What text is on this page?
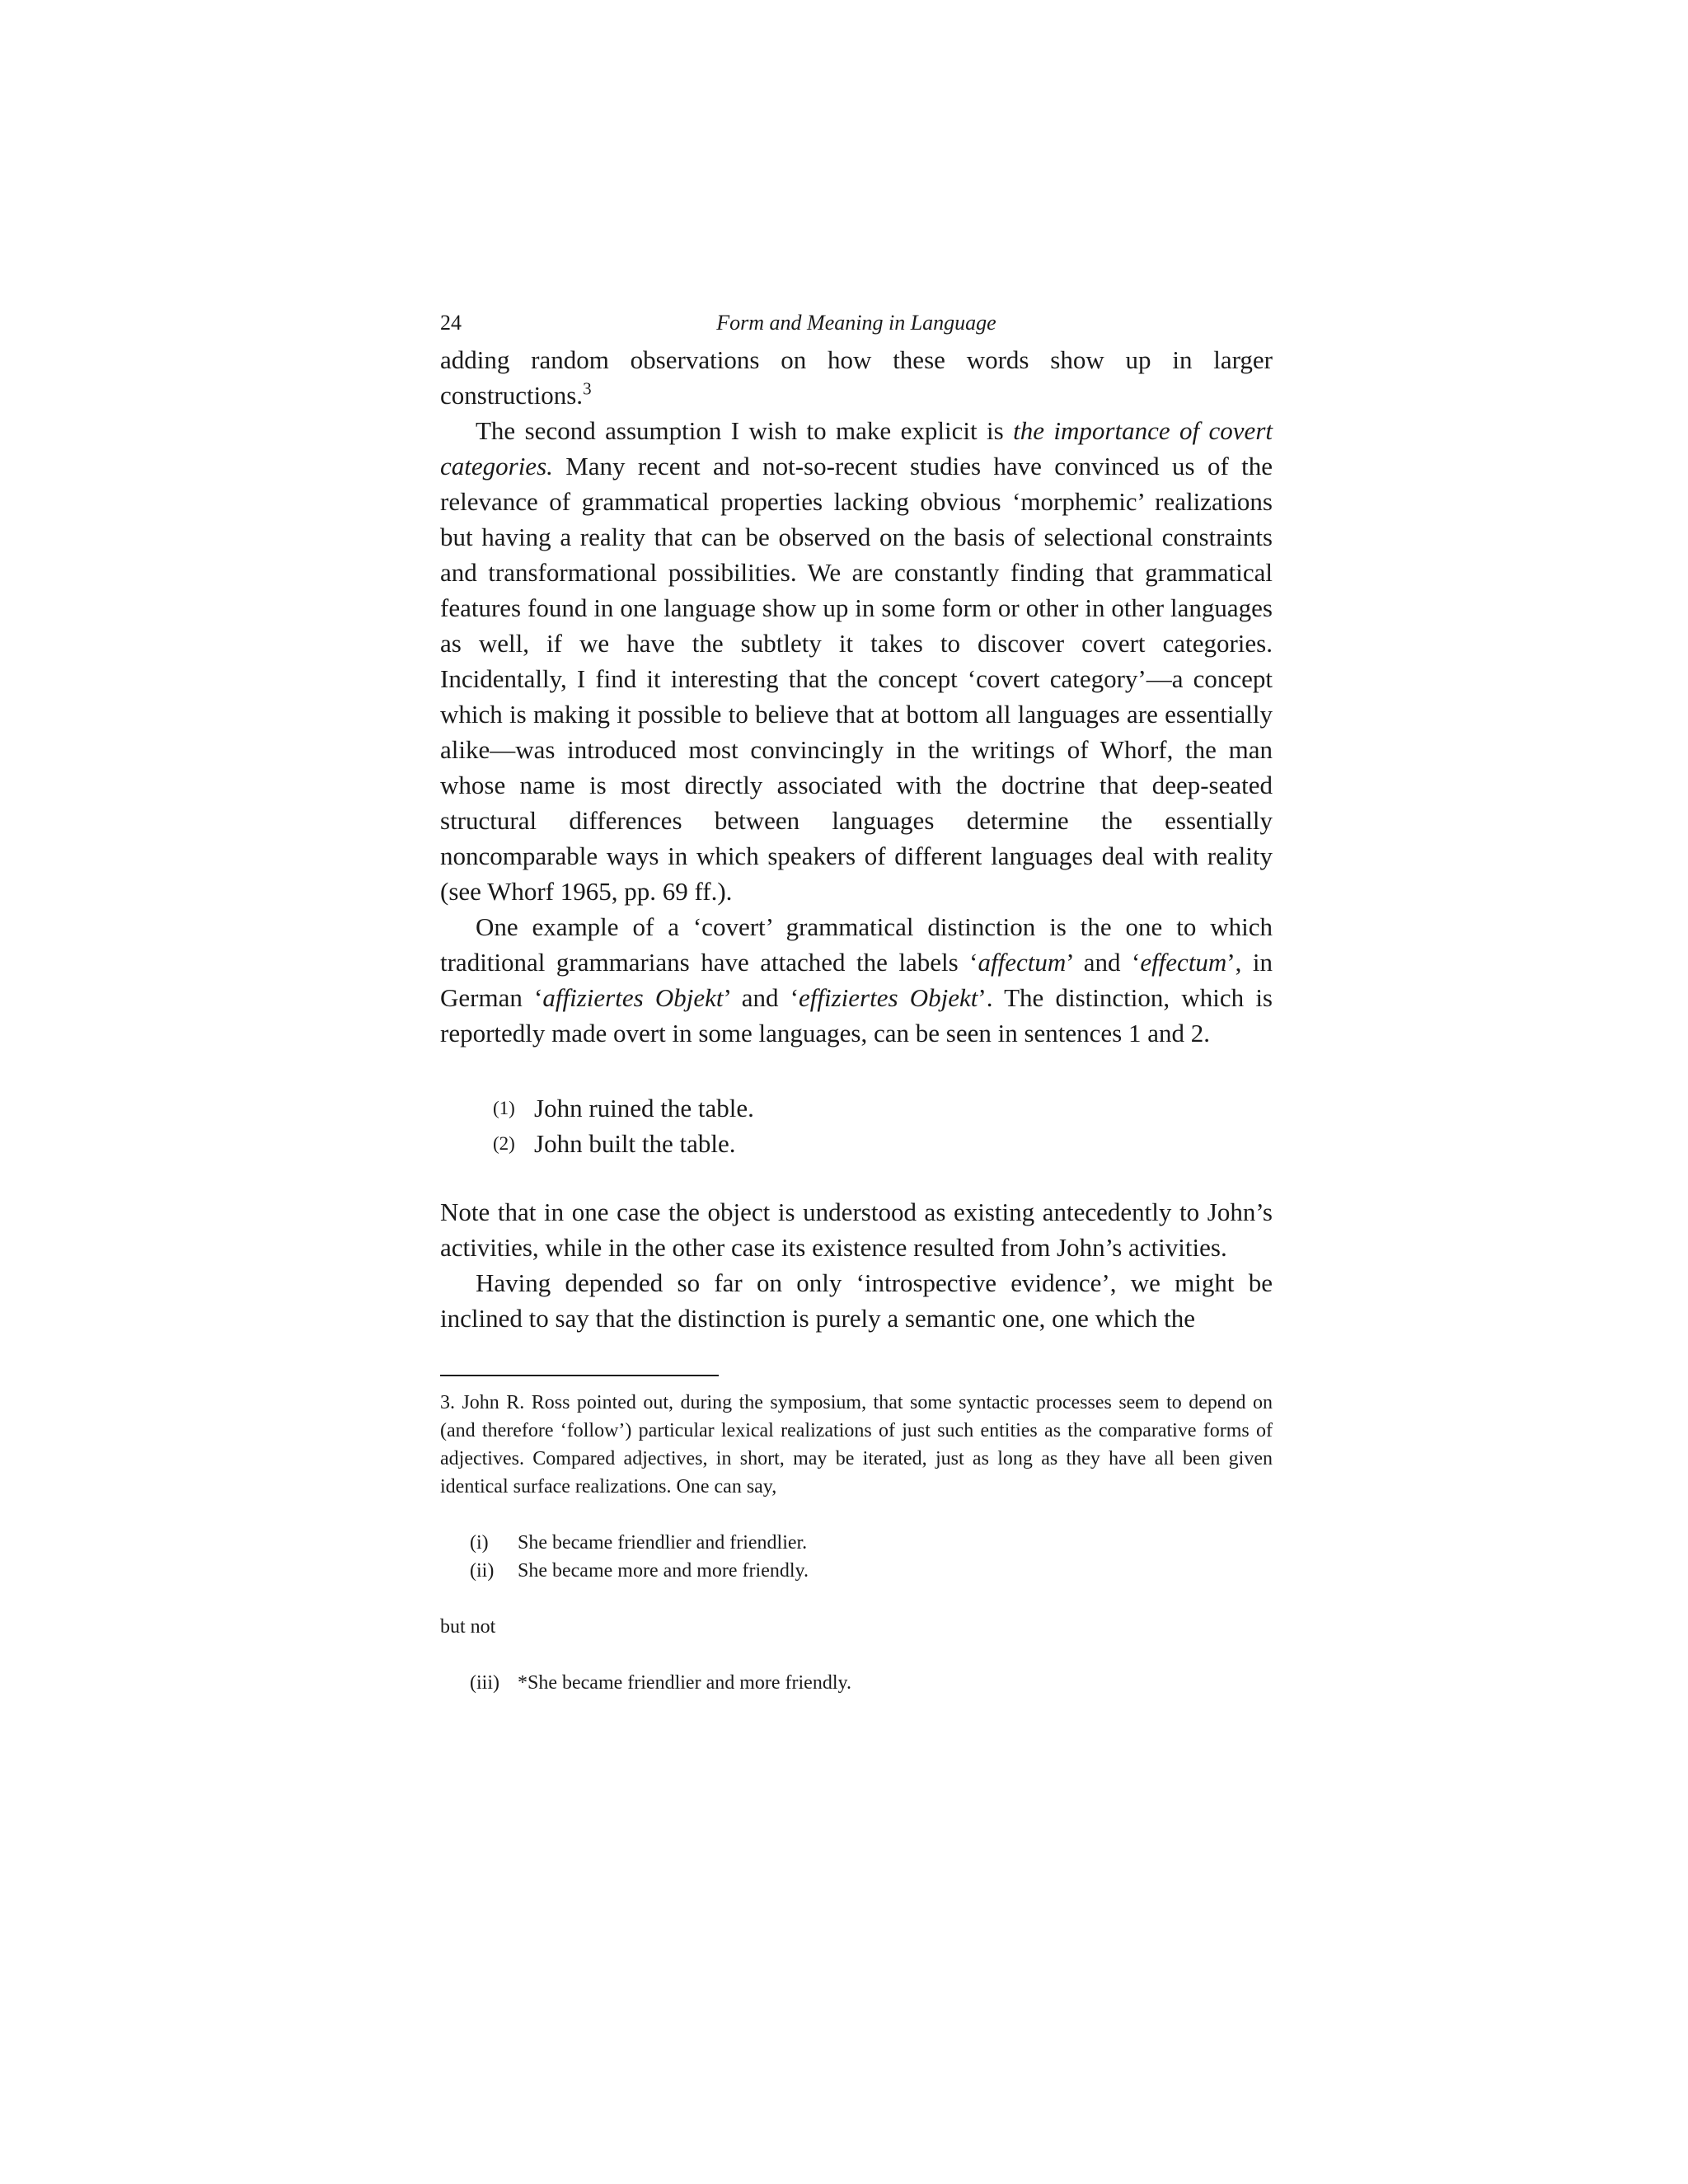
24	Form and Meaning in Language

adding random observations on how these words show up in larger constructions.$^3$

The second assumption I wish to make explicit is the importance of covert categories. Many recent and not-so-recent studies have convinced us of the relevance of grammatical properties lacking obvious ‘morphemic’ realizations but having a reality that can be observed on the basis of selectional constraints and transformational possibilities. We are constantly finding that grammatical features found in one language show up in some form or other in other languages as well, if we have the subtlety it takes to discover covert categories. Incidentally, I find it interesting that the concept ‘covert category’—a concept which is making it possible to believe that at bottom all languages are essentially alike—was introduced most convincingly in the writings of Whorf, the man whose name is most directly associated with the doctrine that deep-seated structural differences between languages determine the essentially noncomparable ways in which speakers of different languages deal with reality (see Whorf 1965, pp. 69 ff.).

One example of a ‘covert’ grammatical distinction is the one to which traditional grammarians have attached the labels ‘affectum’ and ‘effectum’, in German ‘affiziertes Objekt’ and ‘effiziertes Objekt’. The distinction, which is reportedly made overt in some languages, can be seen in sentences 1 and 2.

(1) John ruined the table.
(2) John built the table.

Note that in one case the object is understood as existing antecedently to John’s activities, while in the other case its existence resulted from John’s activities.

Having depended so far on only ‘introspective evidence’, we might be inclined to say that the distinction is purely a semantic one, one which the

3. John R. Ross pointed out, during the symposium, that some syntactic processes seem to depend on (and therefore ‘follow’) particular lexical realizations of just such entities as the comparative forms of adjectives. Compared adjectives, in short, may be iterated, just as long as they have all been given identical surface realizations. One can say,

(i)	She became friendlier and friendlier.
(ii)	She became more and more friendly.

but not

(iii) *She became friendlier and more friendly.
